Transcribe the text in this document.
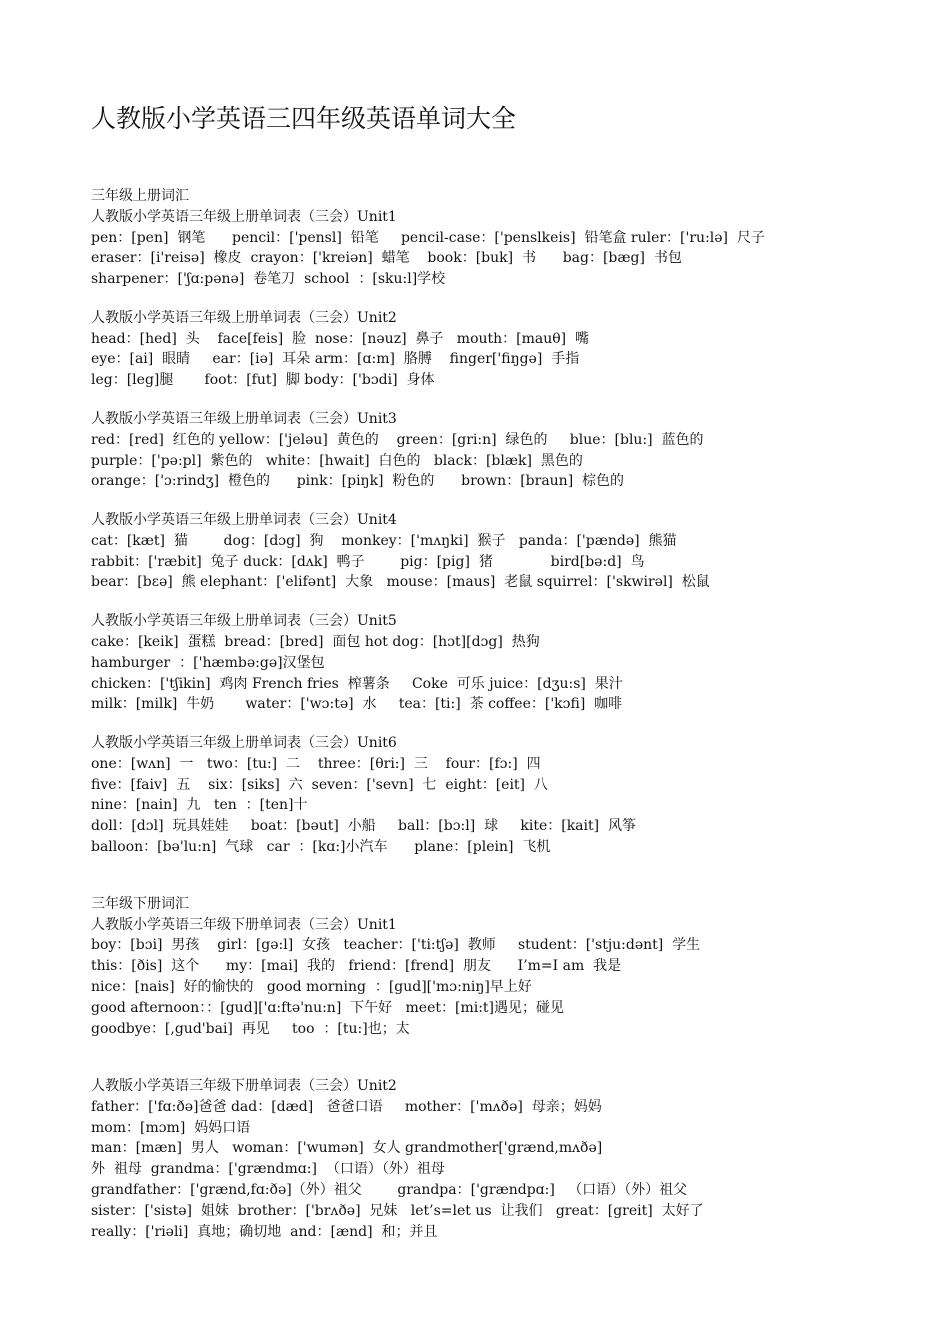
人教版小学英语三四年级英语单词大全
三年级上册词汇
人教版小学英语三年级上册单词表（三会）Unit1
pen：[pen]  钢笔      pencil：['pensl]  铅笔     pencil-case：['penslkeis]  铅笔盒 ruler：['ru:lə]  尺子
eraser：[i'reisə]  橡皮  crayon：['kreiən]  蜡笔    book：[buk]  书      bag：[bæg]  书包
sharpener：['ʃɑ:pənə]  卷笔刀  school  ：[sku:l]学校
人教版小学英语三年级上册单词表（三会）Unit2
head：[hed]  头    face[feis]  脸  nose：[nəuz]  鼻子   mouth：[mauθ]  嘴
eye：[ai]  眼睛     ear：[iə]  耳朵 arm：[ɑ:m]  胳膊    finger['fiŋgə]  手指
leg：[leg]腿       foot：[fut]  脚 body：['bɔdi]  身体
人教版小学英语三年级上册单词表（三会）Unit3
red：[red]  红色的 yellow：['jeləu]  黄色的    green：[gri:n]  绿色的     blue：[blu:]  蓝色的
purple：['pə:pl]  紫色的   white：[hwait]  白色的   black：[blæk]  黑色的
orange：['ɔ:rindʒ]  橙色的      pink：[piŋk]  粉色的      brown：[braun]  棕色的
人教版小学英语三年级上册单词表（三会）Unit4
cat：[kæt]  猫        dog：[dɔg]  狗    monkey：['mʌŋki]  猴子   panda：['pændə]  熊猫
rabbit：['ræbit]  兔子 duck：[dʌk]  鸭子        pig：[pig]  猪             bird[bə:d]  鸟
bear：[bɛə]  熊 elephant：['elifənt]  大象   mouse：[maus]  老鼠 squirrel：['skwirəl]  松鼠
人教版小学英语三年级上册单词表（三会）Unit5
cake：[keik]  蛋糕  bread：[bred]  面包 hot dog：[hɔt][dɔg]  热狗
hamburger  ：['hæmbə:gə]汉堡包
chicken：['tʃikin]  鸡肉 French fries  榨薯条     Coke  可乐 juice：[dʒu:s]  果汁
milk：[milk]  牛奶       water：['wɔ:tə]  水     tea：[ti:]  茶 coffee：['kɔfi]  咖啡
人教版小学英语三年级上册单词表（三会）Unit6
one：[wʌn]  一   two：[tu:]  二    three：[θri:]  三    four：[fɔ:]  四
five：[faiv]  五    six：[siks]  六  seven：['sevn]  七  eight：[eit]  八
nine：[nain]  九   ten  ：[ten]十
doll：[dɔl]  玩具娃娃     boat：[bəut]  小船     ball：[bɔ:l]  球     kite：[kait]  风筝
balloon：[bə'lu:n]  气球   car  ：[kɑ:]小汽车      plane：[plein]  飞机
三年级下册词汇
人教版小学英语三年级下册单词表（三会）Unit1
boy：[bɔi]  男孩    girl：[gə:l]  女孩   teacher：['ti:tʃə]  教师     student：['stju:dənt]  学生
this：[ðis]  这个      my：[mai]  我的   friend：[frend]  朋友      I’m=I am  我是
nice：[nais]  好的愉快的   good morning  ：[gud]['mɔ:niŋ]早上好
good afternoon：：[gud]['ɑ:ftə'nu:n]  下午好   meet：[mi:t]遇见；碰见
goodbye：[,gud'bai]  再见     too  ：[tu:]也；太
人教版小学英语三年级下册单词表（三会）Unit2
father：['fɑ:ðə]爸爸 dad：[dæd]   爸爸口语     mother：['mʌðə]  母亲；妈妈
mom：[mɔm]  妈妈口语
man：[mæn]  男人   woman：['wumən]  女人 grandmother['grænd,mʌðə]
外  祖母  grandma：['grændmɑ:]  （口语）（外）祖母
grandfather：['grænd,fɑ:ðə]（外）祖父        grandpa：['grændpɑ:]   （口语）（外）祖父
sister：['sistə]  姐妹  brother：['brʌðə]  兄妹   let’s=let us  让我们   great：[greit]  太好了
really：['riəli]  真地；确切地  and：[ænd]  和；并且
